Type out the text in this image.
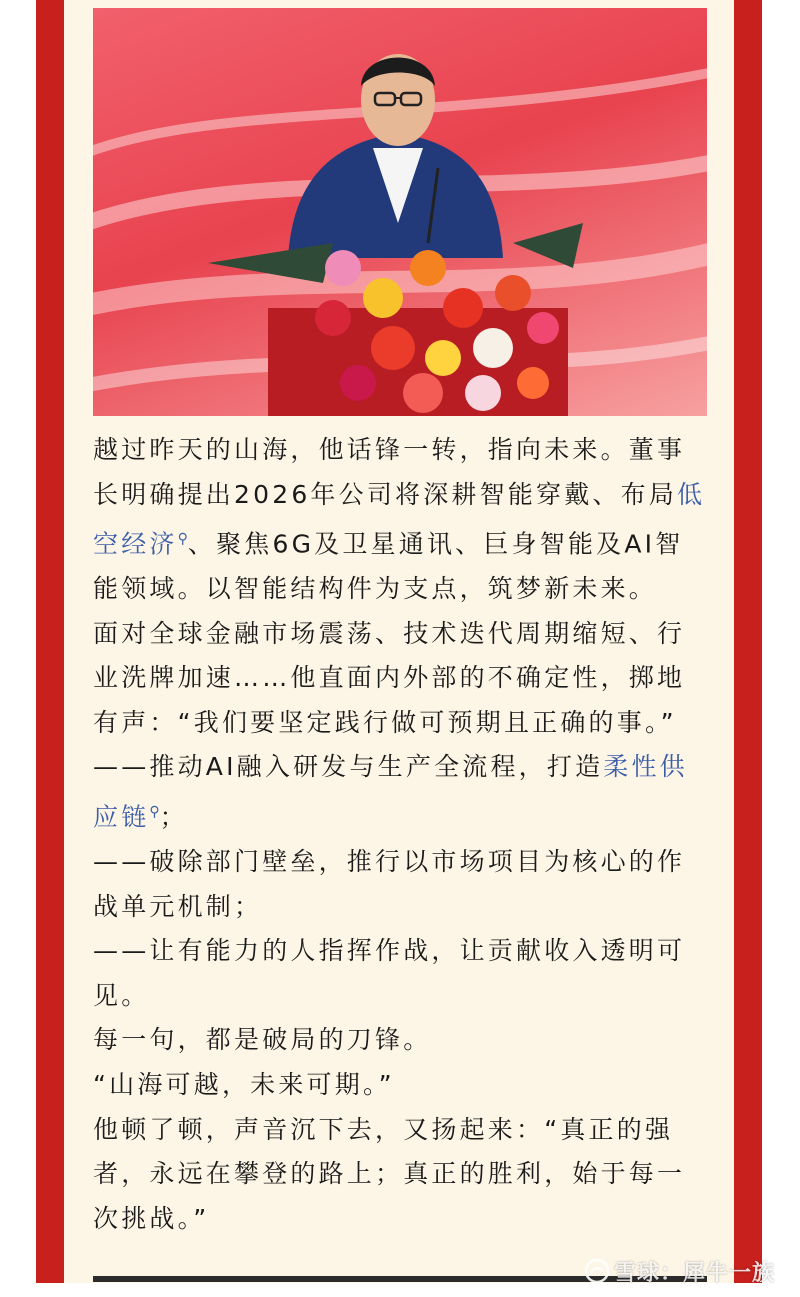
越过昨天的山海，他话锋一转，指向未来。董事长明确提出2026年公司将深耕智能穿戴、布局低空经济⚲、聚焦6G及卫星通讯、巨身智能及AI智能领域。以智能结构件为支点，筑梦新未来。

面对全球金融市场震荡、技术迭代周期缩短、行业洗牌加速……他直面内外部的不确定性，掷地有声：“我们要坚定践行做可预期且正确的事。”

——推动AI融入研发与生产全流程，打造柔性供应链⚲；

——破除部门壁垒，推行以市场项目为核心的作战单元机制；

——让有能力的人指挥作战，让贡献收入透明可见。

每一句，都是破局的刀锋。

“山海可越，未来可期。”

他顿了顿，声音沉下去，又扬起来：“真正的强者，永远在攀登的路上；真正的胜利，始于每一次挑战。”

雪球：犀牛一族
